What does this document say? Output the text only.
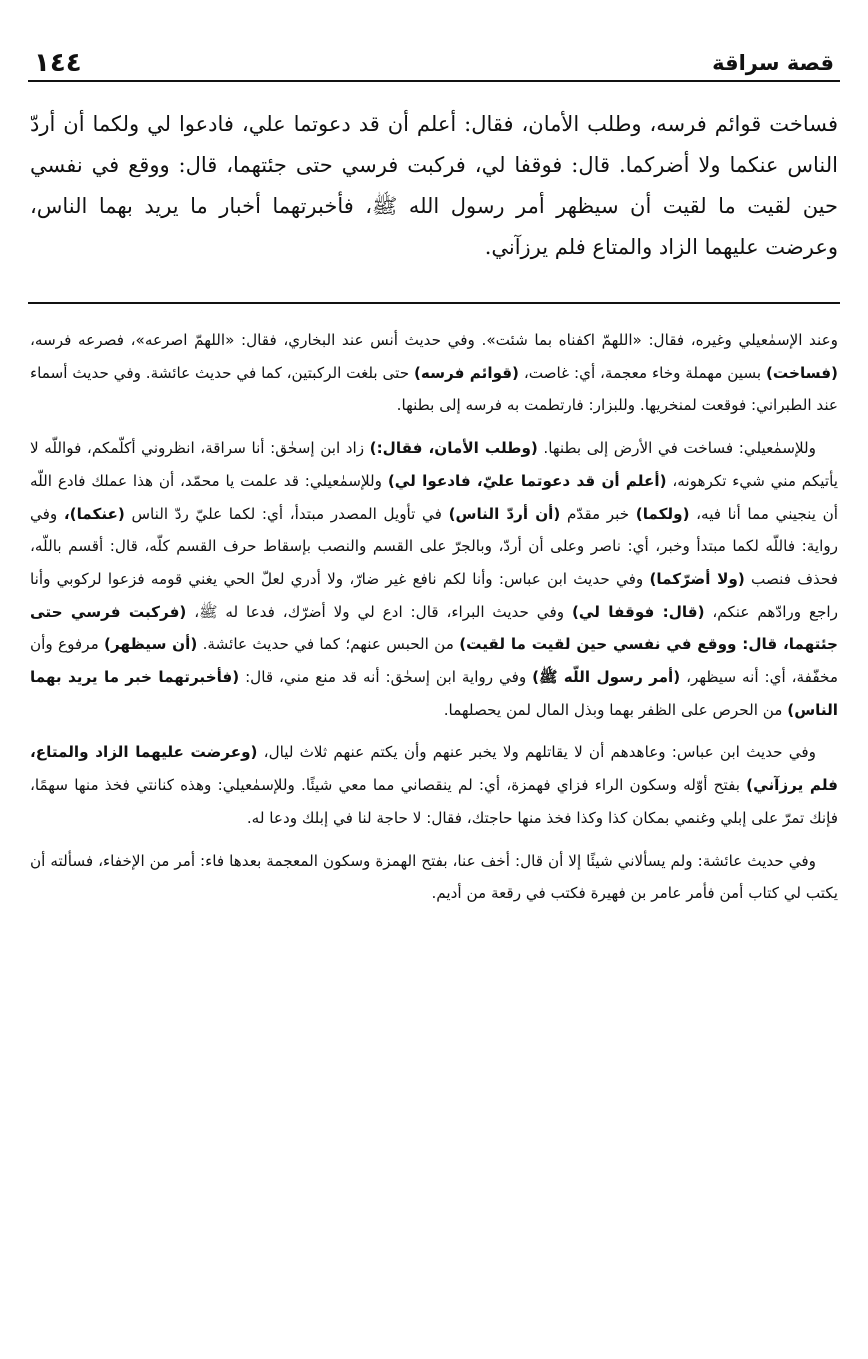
قصة سراقة
١٤٤

فساخت قوائم فرسه، وطلب الأمان، فقال: أعلم أن قد دعوتما علي، فادعوا لي ولكما أن أردّ الناس عنكما ولا أضركما. قال: فوقفا لي، فركبت فرسي حتى جئتهما، قال: ووقع في نفسي حين لقيت ما لقيت أن سيظهر أمر رسول الله ﷺ، فأخبرتهما أخبار ما يريد بهما الناس، وعرضت عليهما الزاد والمتاع فلم يرزآني.

وعند الإسمٰعيلي وغيره، فقال: «اللهمّ اكفناه بما شئت». وفي حديث أنس عند البخاري، فقال: «اللهمّ اصرعه»، فصرعه فرسه، (فساخت) بسين مهملة وخاء معجمة، أي: غاصت، (قوائم فرسه) حتى بلغت الركبتين، كما في حديث عائشة. وفي حديث أسماء عند الطبراني: فوقعت لمنخريها. وللبزار: فارتطمت به فرسه إلى بطنها.

وللإسمٰعيلي: فساخت في الأرض إلى بطنها. (وطلب الأمان، فقال:) زاد ابن إسحٰق: أنا سراقة، انظروني أكلّمكم، فواللّه لا يأتيكم مني شيء تكرهونه، (أعلم أن قد دعوتما عليّ، فادعوا لي) وللإسمٰعيلي: قد علمت يا محمّد، أن هذا عملك فادع اللّه أن ينجيني مما أنا فيه، (ولكما) خبر مقدّم (أن أردّ الناس) في تأويل المصدر مبتدأ، أي: لكما عليّ ردّ الناس (عنكما)، وفي رواية: فاللّه لكما مبتدأ وخبر، أي: ناصر وعلى أن أردّ، وبالجرّ على القسم والنصب بإسقاط حرف القسم كلّه، قال: أقسم باللّه، فحذف فنصب (ولا أضرّكما) وفي حديث ابن عباس: وأنا لكم نافع غير ضارّ، ولا أدري لعلّ الحي يغني قومه فزعوا لركوبي وأنا راجع ورادّهم عنكم، (قال: فوقفا لي) وفي حديث البراء، قال: ادع لي ولا أضرّك، فدعا له ﷺ، (فركبت فرسي حتى جئتهما، قال: ووقع في نفسي حين لقيت ما لقيت) من الحبس عنهم؛ كما في حديث عائشة. (أن سيظهر) مرفوع وأن مخفّفة، أي: أنه سيظهر، (أمر رسول اللّه ﷺ) وفي رواية ابن إسحٰق: أنه قد منع مني، قال: (فأخبرتهما خبر ما يريد بهما الناس) من الحرص على الظفر بهما وبذل المال لمن يحصلهما.

وفي حديث ابن عباس: وعاهدهم أن لا يقاتلهم ولا يخبر عنهم وأن يكتم عنهم ثلاث ليال، (وعرضت عليهما الزاد والمتاع، فلم يرزآني) بفتح أوّله وسكون الراء فزاي فهمزة، أي: لم ينقصاني مما معي شيئًا. وللإسمٰعيلي: وهذه كنانتي فخذ منها سهمًا، فإنك تمرّ على إبلي وغنمي بمكان كذا وكذا فخذ منها حاجتك، فقال: لا حاجة لنا في إبلك ودعا له.

وفي حديث عائشة: ولم يسألاني شيئًا إلا أن قال: أخف عنا، بفتح الهمزة وسكون المعجمة بعدها فاء: أمر من الإخفاء، فسألته أن يكتب لي كتاب أمن فأمر عامر بن فهيرة فكتب في رقعة من أديم.
